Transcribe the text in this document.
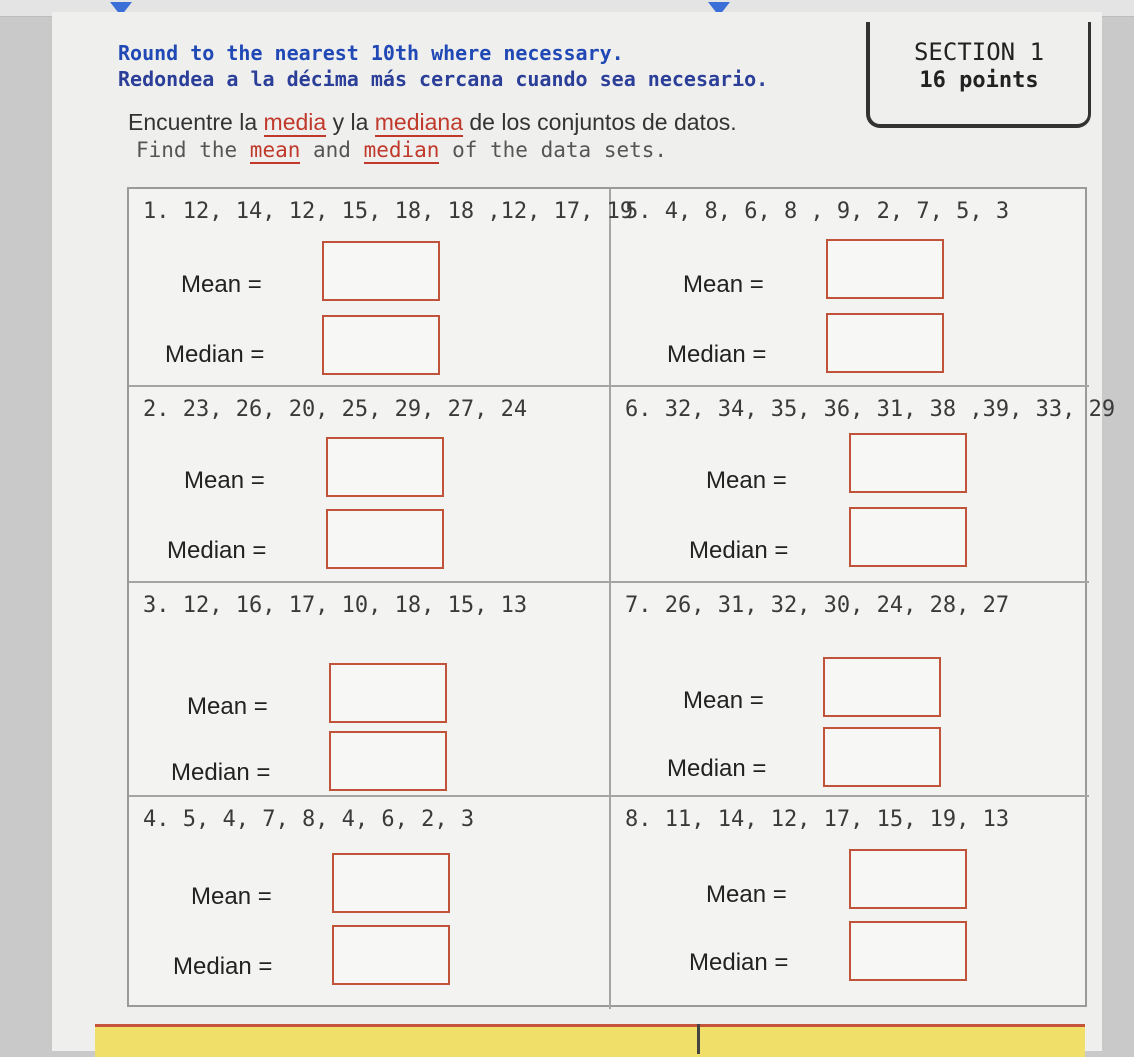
Round to the nearest 10th where necessary.
Redondea a la décima más cercana cuando sea necesario.
Encuentre la media y la mediana de los conjuntos de datos.
Find the mean and median of the data sets.
SECTION 1
16 points
1. 12, 14, 12, 15, 18, 18 ,12, 17, 19
Mean =
Median =
5. 4, 8, 6, 8 , 9, 2, 7, 5, 3
Mean =
Median =
2. 23, 26, 20, 25, 29, 27, 24
Mean =
Median =
6. 32, 34, 35, 36, 31, 38 ,39, 33, 29
Mean =
Median =
3. 12, 16, 17, 10, 18, 15, 13
Mean =
Median =
7. 26, 31, 32, 30, 24, 28, 27
Mean =
Median =
4. 5, 4, 7, 8, 4, 6, 2, 3
Mean =
Median =
8. 11, 14, 12, 17, 15, 19, 13
Mean =
Median =
